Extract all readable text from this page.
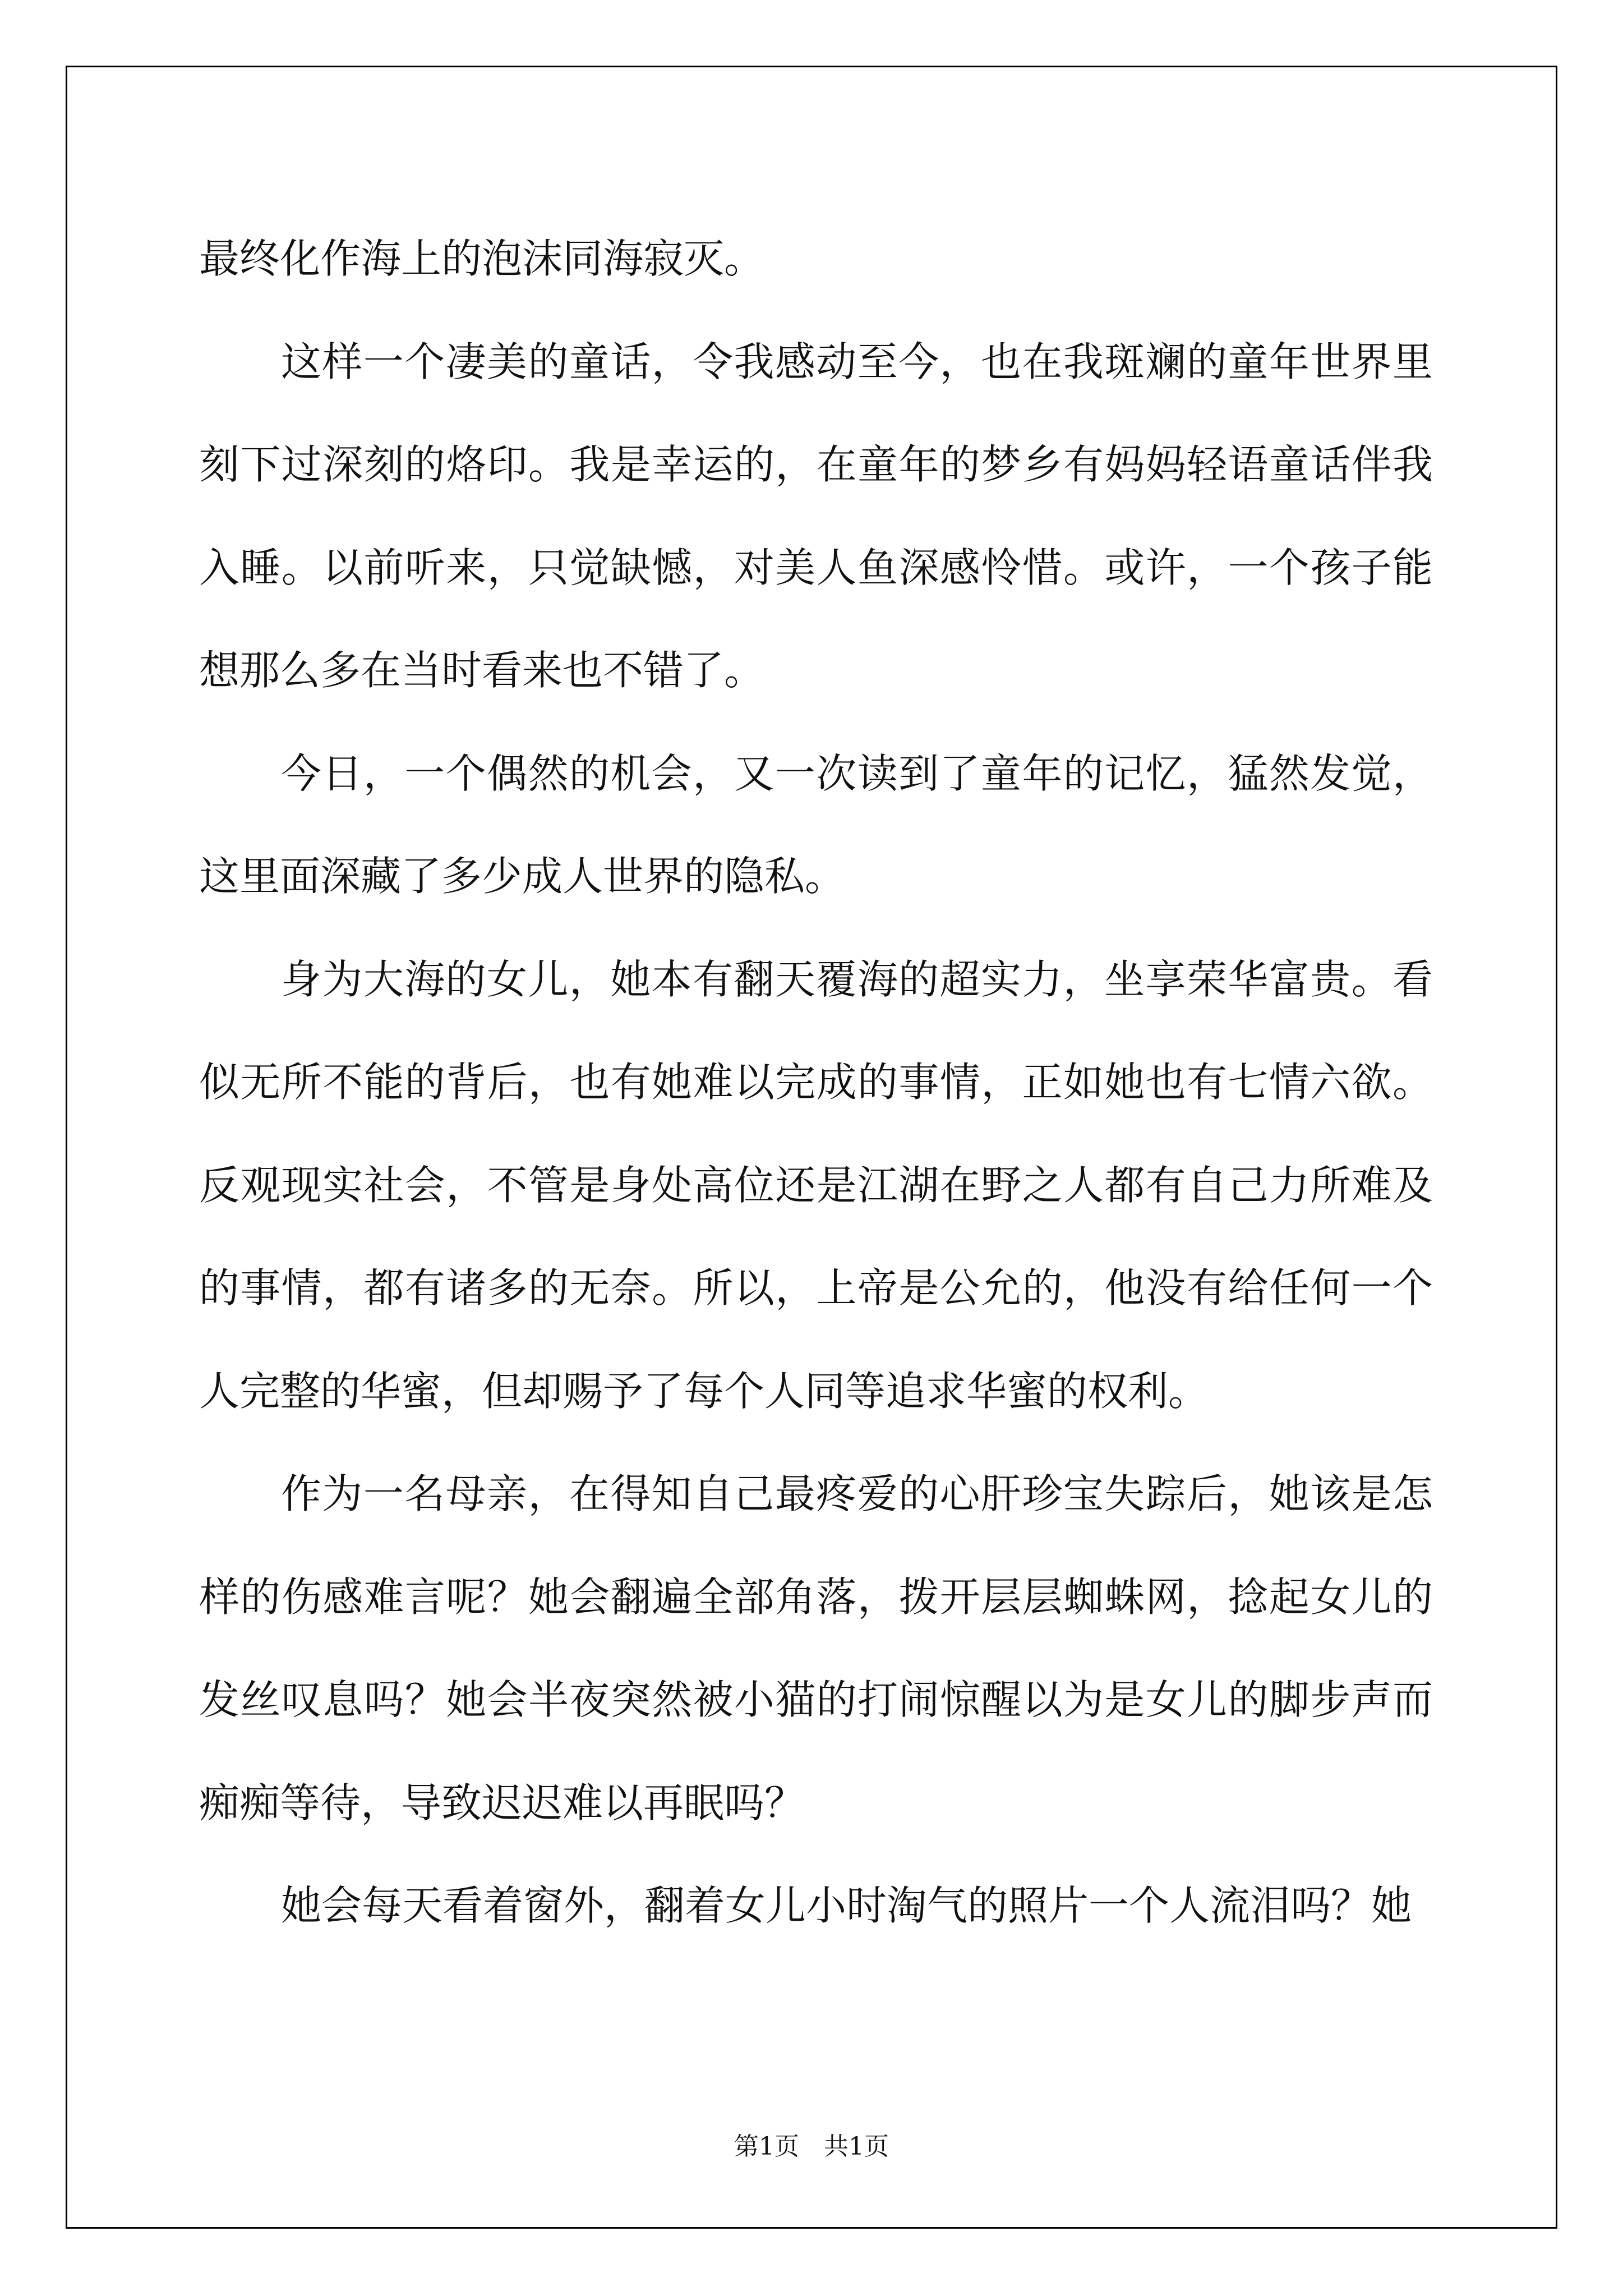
最终化作海上的泡沫同海寂灭。

这样一个凄美的童话，令我感动至今，也在我斑斓的童年世界里刻下过深刻的烙印。我是幸运的，在童年的梦乡有妈妈轻语童话伴我入睡。以前听来，只觉缺憾，对美人鱼深感怜惜。或许，一个孩子能想那么多在当时看来也不错了。

今日，一个偶然的机会，又一次读到了童年的记忆，猛然发觉，这里面深藏了多少成人世界的隐私。

身为大海的女儿，她本有翻天覆海的超实力，坐享荣华富贵。看似无所不能的背后，也有她难以完成的事情，正如她也有七情六欲。反观现实社会，不管是身处高位还是江湖在野之人都有自己力所难及的事情，都有诸多的无奈。所以，上帝是公允的，他没有给任何一个人完整的华蜜，但却赐予了每个人同等追求华蜜的权利。

作为一名母亲，在得知自己最疼爱的心肝珍宝失踪后，她该是怎样的伤感难言呢？她会翻遍全部角落，拨开层层蜘蛛网，捻起女儿的发丝叹息吗？她会半夜突然被小猫的打闹惊醒以为是女儿的脚步声而痴痴等待，导致迟迟难以再眠吗？

她会每天看着窗外，翻着女儿小时淘气的照片一个人流泪吗？她

第1页　共1页
